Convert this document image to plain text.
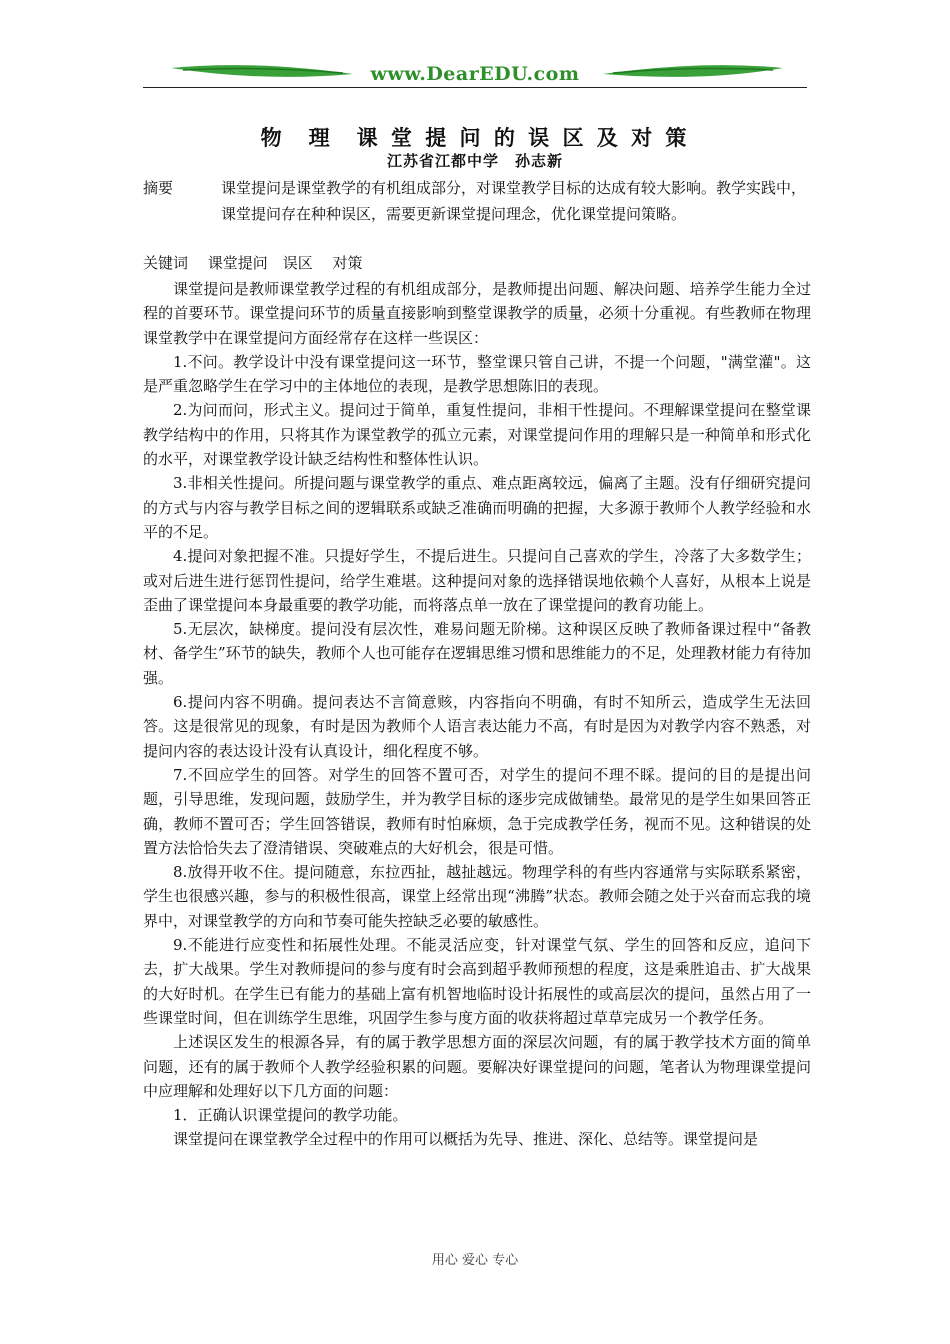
www.DearEDU.com
物　理　课 堂 提 问 的 误 区 及 对 策
江苏省江都中学　孙志新
摘要	课堂提问是课堂教学的有机组成部分，对课堂教学目标的达成有较大影响。教学实践中，课堂提问存在种种误区，需要更新课堂提问理念，优化课堂提问策略。
关键词　 课堂提问　误区　 对策

课堂提问是教师课堂教学过程的有机组成部分，是教师提出问题、解决问题、培养学生能力全过程的首要环节。课堂提问环节的质量直接影响到整堂课教学的质量，必须十分重视。有些教师在物理课堂教学中在课堂提问方面经常存在这样一些误区：

1.不问。教学设计中没有课堂提问这一环节，整堂课只管自己讲，不提一个问题，"满堂灌"。这是严重忽略学生在学习中的主体地位的表现，是教学思想陈旧的表现。

2.为问而问，形式主义。提问过于简单，重复性提问，非相干性提问。不理解课堂提问在整堂课教学结构中的作用，只将其作为课堂教学的孤立元素，对课堂提问作用的理解只是一种简单和形式化的水平，对课堂教学设计缺乏结构性和整体性认识。

3.非相关性提问。所提问题与课堂教学的重点、难点距离较远，偏离了主题。没有仔细研究提问的方式与内容与教学目标之间的逻辑联系或缺乏准确而明确的把握，大多源于教师个人教学经验和水平的不足。

4.提问对象把握不准。只提好学生，不提后进生。只提问自己喜欢的学生，冷落了大多数学生；或对后进生进行惩罚性提问，给学生难堪。这种提问对象的选择错误地依赖个人喜好，从根本上说是歪曲了课堂提问本身最重要的教学功能，而将落点单一放在了课堂提问的教育功能上。

5.无层次，缺梯度。提问没有层次性，难易问题无阶梯。这种误区反映了教师备课过程中“备教材、备学生”环节的缺失，教师个人也可能存在逻辑思维习惯和思维能力的不足，处理教材能力有待加强。

6.提问内容不明确。提问表达不言简意赅，内容指向不明确，有时不知所云，造成学生无法回答。这是很常见的现象，有时是因为教师个人语言表达能力不高，有时是因为对教学内容不熟悉，对提问内容的表达设计没有认真设计，细化程度不够。

7.不回应学生的回答。对学生的回答不置可否，对学生的提问不理不睬。提问的目的是提出问题，引导思维，发现问题，鼓励学生，并为教学目标的逐步完成做铺垫。最常见的是学生如果回答正确，教师不置可否；学生回答错误，教师有时怕麻烦，急于完成教学任务，视而不见。这种错误的处置方法恰恰失去了澄清错误、突破难点的大好机会，很是可惜。

8.放得开收不住。提问随意，东拉西扯，越扯越远。物理学科的有些内容通常与实际联系紧密，学生也很感兴趣，参与的积极性很高，课堂上经常出现“沸腾”状态。教师会随之处于兴奋而忘我的境界中，对课堂教学的方向和节奏可能失控缺乏必要的敏感性。

9.不能进行应变性和拓展性处理。不能灵活应变，针对课堂气氛、学生的回答和反应，追问下去，扩大战果。学生对教师提问的参与度有时会高到超乎教师预想的程度，这是乘胜追击、扩大战果的大好时机。在学生已有能力的基础上富有机智地临时设计拓展性的或高层次的提问，虽然占用了一些课堂时间，但在训练学生思维，巩固学生参与度方面的收获将超过草草完成另一个教学任务。

上述误区发生的根源各异，有的属于教学思想方面的深层次问题，有的属于教学技术方面的简单问题，还有的属于教师个人教学经验积累的问题。要解决好课堂提问的问题，笔者认为物理课堂提问中应理解和处理好以下几方面的问题：

1．正确认识课堂提问的教学功能。

课堂提问在课堂教学全过程中的作用可以概括为先导、推进、深化、总结等。课堂提问是

用心 爱心 专心
